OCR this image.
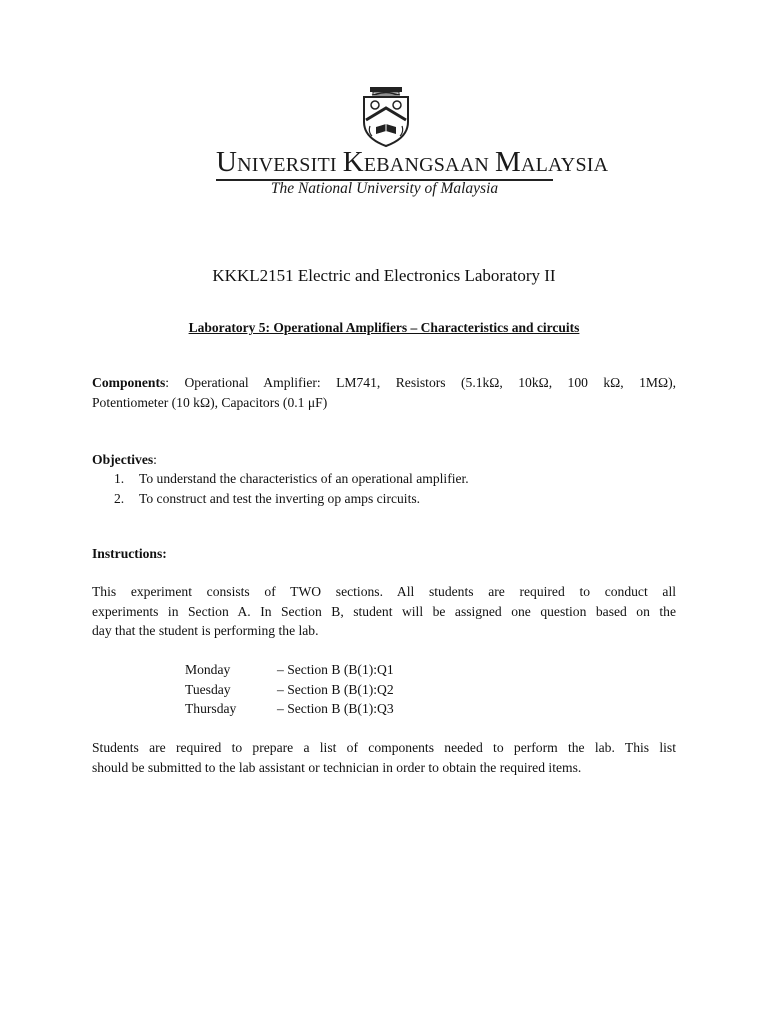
UNIVERSITI KEBANGSAAN MALAYSIA
The National University of Malaysia
KKKL2151 Electric and Electronics Laboratory II
Laboratory 5: Operational Amplifiers – Characteristics and circuits
Components: Operational Amplifier: LM741, Resistors (5.1kΩ, 10kΩ, 100 kΩ, 1MΩ),
Potentiometer (10 kΩ), Capacitors (0.1 μF)
Objectives:
1.	To understand the characteristics of an operational amplifier.
2.	To construct and test the inverting op amps circuits.
Instructions:
This experiment consists of TWO sections. All students are required to conduct all
experiments in Section A. In Section B, student will be assigned one question based on the
day that the student is performing the lab.
Monday	– Section B (B(1):Q1
Tuesday	– Section B (B(1):Q2
Thursday	– Section B (B(1):Q3
Students are required to prepare a list of components needed to perform the lab. This list
should be submitted to the lab assistant or technician in order to obtain the required items.
